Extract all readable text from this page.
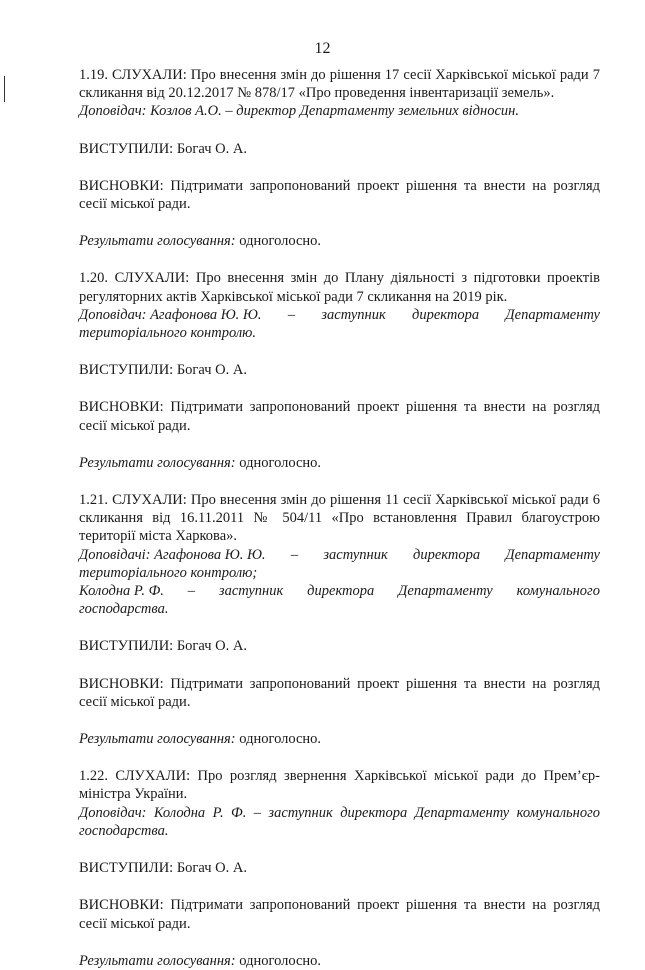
12
1.19. СЛУХАЛИ: Про внесення змін до рішення 17 сесії Харківської міської ради 7 скликання від 20.12.2017 № 878/17 «Про проведення інвентаризації земель».
Доповідач: Козлов А.О. – директор Департаменту земельних відносин.
ВИСТУПИЛИ: Богач О. А.
ВИСНОВКИ: Підтримати запропонований проект рішення та внести на розгляд сесії міської ради.
Результати голосування: одноголосно.
1.20. СЛУХАЛИ: Про внесення змін до Плану діяльності з підготовки проектів регуляторних актів Харківської міської ради 7 скликання на 2019 рік.
Доповідач: Агафонова Ю. Ю. – заступник директора Департаменту
територіального контролю.
ВИСТУПИЛИ: Богач О. А.
ВИСНОВКИ: Підтримати запропонований проект рішення та внести на розгляд сесії міської ради.
Результати голосування: одноголосно.
1.21. СЛУХАЛИ: Про внесення змін до рішення 11 сесії Харківської міської ради 6 скликання від 16.11.2011 № 504/11 «Про встановлення Правил благоустрою території міста Харкова».
Доповідачі: Агафонова Ю. Ю. – заступник директора Департаменту
територіального контролю;
Колодна Р. Ф. – заступник директора Департаменту комунального
господарства.
ВИСТУПИЛИ: Богач О. А.
ВИСНОВКИ: Підтримати запропонований проект рішення та внести на розгляд сесії міської ради.
Результати голосування: одноголосно.
1.22. СЛУХАЛИ: Про розгляд звернення Харківської міської ради до Прем’єр-міністра України.
Доповідач: Колодна Р. Ф. – заступник директора Департаменту комунального господарства.
ВИСТУПИЛИ: Богач О. А.
ВИСНОВКИ: Підтримати запропонований проект рішення та внести на розгляд сесії міської ради.
Результати голосування: одноголосно.
